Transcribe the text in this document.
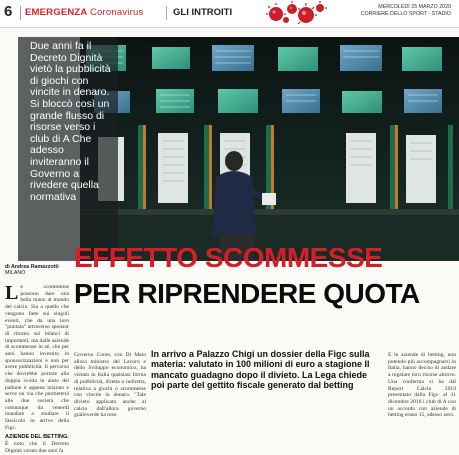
6 EMERGENZA Coronavirus	GLI INTROITI	MERCOLEDÌ 25 MARZO 2020
CORRIERE DELLO SPORT - STADIO

Due anni fa il Decreto Dignità vietò la pubblicità di giochi con vincite in denaro. Si bloccò così un grande flusso di risorse verso i club di A Che adesso inviteranno il Governo a rivedere quella normativa

di Andrea Ramazzotti
MILANO	EFFETTO SCOMMESSE
PER RIPRENDERE QUOTA
L e scommesse possono dare una bella mano al mondo del calcio. Sia a quello che vengono fatte sui singoli eventi, che da una loro "puntata" attraverso sponsor di ritorno sui bilanci di importanti, ma dalle aziende di scommesse in sé, che per anni hanno investito in sponsorizzazioni e non per avere pubblicità. Il percorso che dovrebbe portare alla doppia svolta in aiuto del pallone è appena iniziato e serve un via che permetterà alle due società che comunque da venerdì mandare a studiare il fascicolo in arrivo della Figc.
AZIENDE DEL BETTING.
È noto che il Decreto Dignità varato due anni fa
Governo Conte, con Di Maio allora ministro del Lavoro e dello Sviluppo economico, ha vietato in Italia qualsiasi forma di pubblicità, diretta o indiretta, relativa a giochi o scommesse con vincite in denaro. "Tale divieto applicato anche al calcio dall'allora governo gialloverde ha reso

In arrivo a Palazzo Chigi un dossier della Figc sulla materia: valutato in 100 milioni di euro a stagione Il mancato guadagno dopo il divieto. La Lega chiede poi parte del gettito fiscale generato dal betting

E le aziende di betting, non potendo più accompagnarsi in Italia, hanno deciso di andare a regalare loro risorse altrove. Una conferma si ha dal Report Calcio 2019 presentato dalla Figc: al 31 dicembre 2018 i club di A con un accordo con aziende di betting erano 15, adesso zero.
